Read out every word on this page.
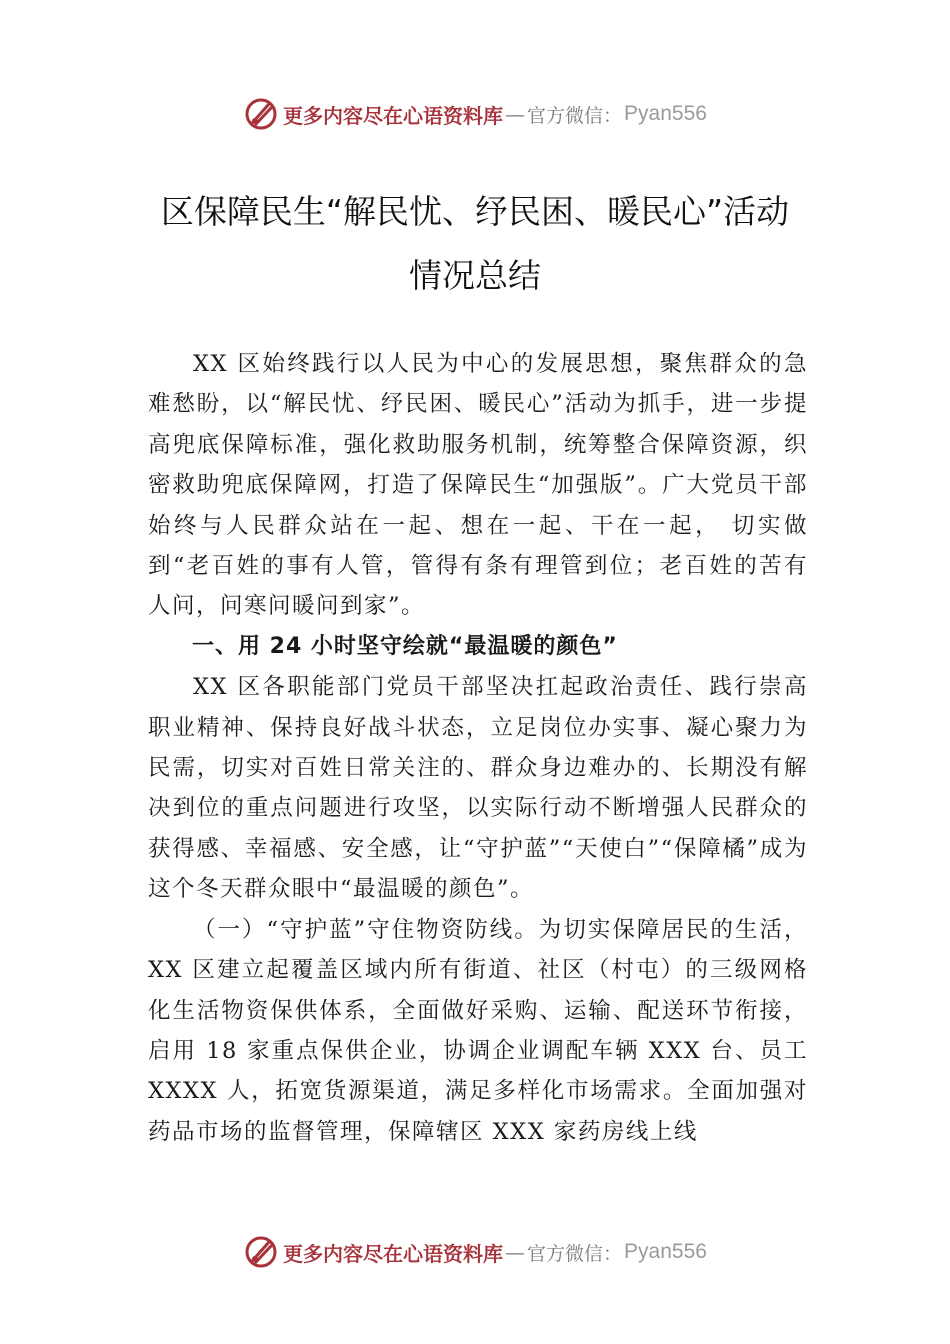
更多内容尽在心语资料库 — 官方微信： Pyan556
区保障民生“解民忧、纾民困、暖民心”活动情况总结

XX 区始终践行以人民为中心的发展思想，聚焦群众的急难愁盼，以“解民忧、纾民困、暖民心”活动为抓手，进一步提高兜底保障标准，强化救助服务机制，统筹整合保障资源，织密救助兜底保障网，打造了保障民生“加强版”。广大党员干部始终与人民群众站在一起、想在一起、干在一起， 切实做到“老百姓的事有人管，管得有条有理管到位；老百姓的苦有人问，问寒问暖问到家”。

一、用 24 小时坚守绘就“最温暖的颜色”

XX 区各职能部门党员干部坚决扛起政治责任、践行崇高职业精神、保持良好战斗状态，立足岗位办实事、凝心聚力为民需，切实对百姓日常关注的、群众身边难办的、长期没有解决到位的重点问题进行攻坚，以实际行动不断增强人民群众的获得感、幸福感、安全感，让“守护蓝”“天使白”“保障橘”成为这个冬天群众眼中“最温暖的颜色”。

（一）“守护蓝”守住物资防线。为切实保障居民的生活， XX 区建立起覆盖区域内所有街道、社区（村屯）的三级网格化生活物资保供体系，全面做好采购、运输、配送环节衔接，启用 18 家重点保供企业，协调企业调配车辆 XXX 台、员工 XXXX 人，拓宽货源渠道，满足多样化市场需求。全面加强对药品市场的监督管理，保障辖区 XXX 家药房线上线

更多内容尽在心语资料库 — 官方微信： Pyan556
